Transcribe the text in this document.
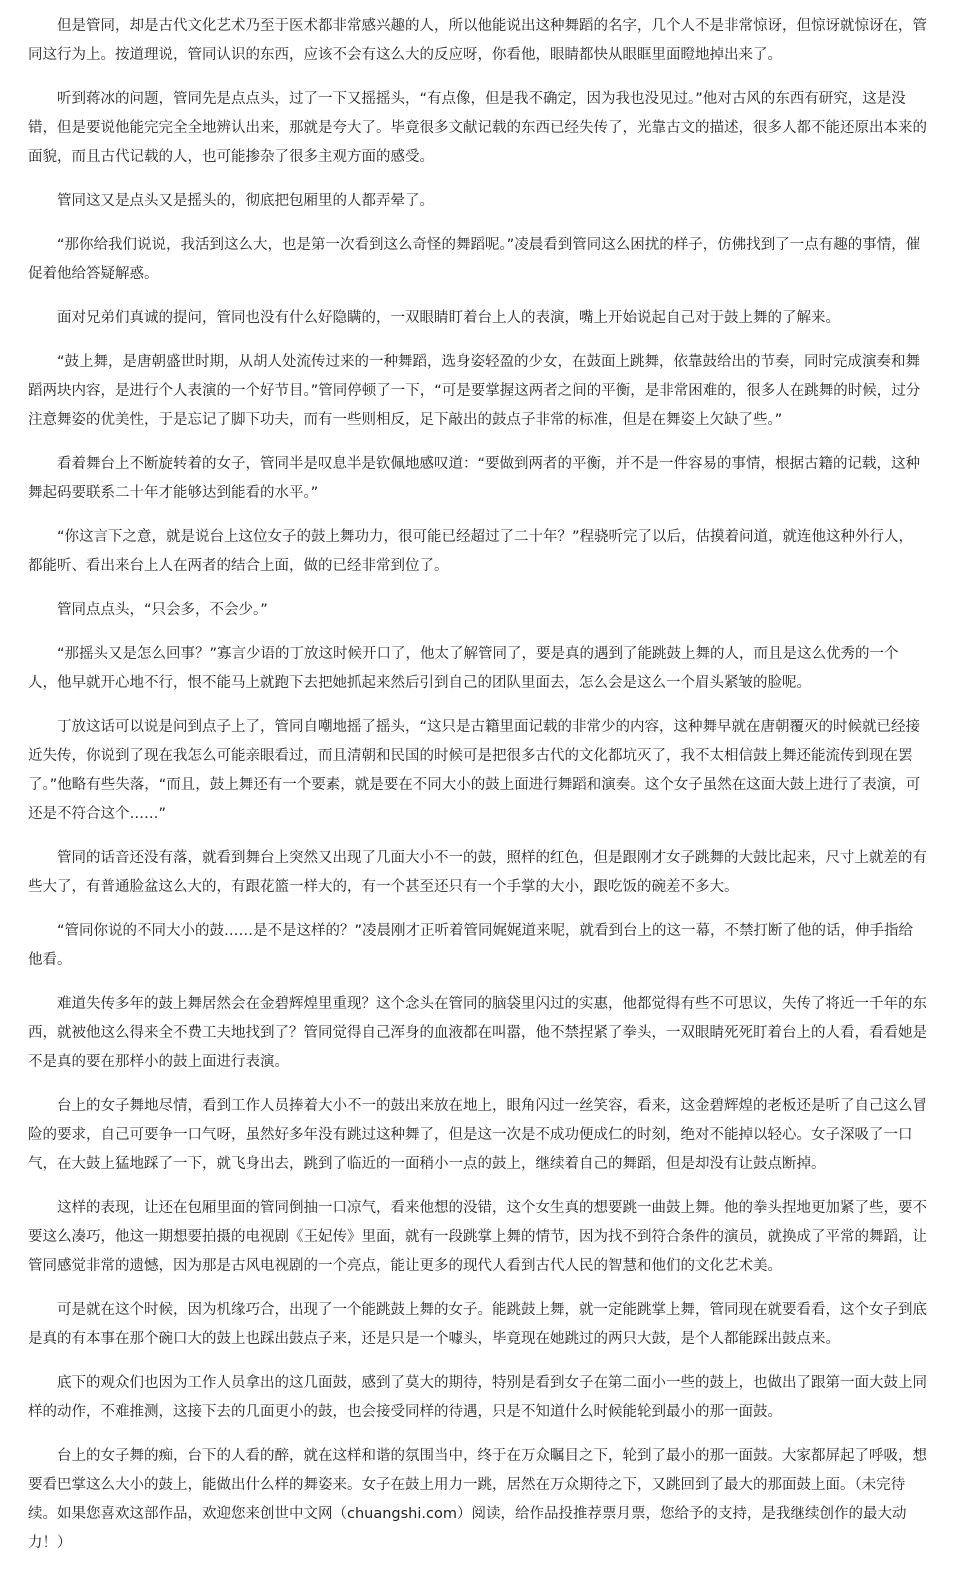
　　但是管同，却是古代文化艺术乃至于医术都非常感兴趣的人，所以他能说出这种舞蹈的名字，几个人不是非常惊讶，但惊讶就惊讶在，管同这行为上。按道理说，管同认识的东西，应该不会有这么大的反应呀，你看他，眼睛都快从眼眶里面瞪地掉出来了。

　　听到蒋冰的问题，管同先是点点头，过了一下又摇摇头，“有点像，但是我不确定，因为我也没见过。”他对古风的东西有研究，这是没错，但是要说他能完完全全地辨认出来，那就是夸大了。毕竟很多文献记载的东西已经失传了，光靠古文的描述，很多人都不能还原出本来的面貌，而且古代记载的人，也可能掺杂了很多主观方面的感受。

　　管同这又是点头又是摇头的，彻底把包厢里的人都弄晕了。

　　“那你给我们说说，我活到这么大，也是第一次看到这么奇怪的舞蹈呢。”凌晨看到管同这么困扰的样子，仿佛找到了一点有趣的事情，催促着他给答疑解惑。

　　面对兄弟们真诚的提问，管同也没有什么好隐瞒的，一双眼睛盯着台上人的表演，嘴上开始说起自己对于鼓上舞的了解来。

　　“鼓上舞，是唐朝盛世时期，从胡人处流传过来的一种舞蹈，选身姿轻盈的少女，在鼓面上跳舞，依靠鼓给出的节奏，同时完成演奏和舞蹈两块内容，是进行个人表演的一个好节目。”管同停顿了一下，“可是要掌握这两者之间的平衡，是非常困难的，很多人在跳舞的时候，过分注意舞姿的优美性，于是忘记了脚下功夫，而有一些则相反，足下敲出的鼓点子非常的标准，但是在舞姿上欠缺了些。”

　　看着舞台上不断旋转着的女子，管同半是叹息半是钦佩地感叹道：“要做到两者的平衡，并不是一件容易的事情，根据古籍的记载，这种舞起码要联系二十年才能够达到能看的水平。”

　　“你这言下之意，就是说台上这位女子的鼓上舞功力，很可能已经超过了二十年？”程骁听完了以后，估摸着问道，就连他这种外行人，都能听、看出来台上人在两者的结合上面，做的已经非常到位了。

　　管同点点头，“只会多，不会少。”

　　“那摇头又是怎么回事？”寡言少语的丁放这时候开口了，他太了解管同了，要是真的遇到了能跳鼓上舞的人，而且是这么优秀的一个人，他早就开心地不行，恨不能马上就跑下去把她抓起来然后引到自己的团队里面去，怎么会是这么一个眉头紧皱的脸呢。

　　丁放这话可以说是问到点子上了，管同自嘲地摇了摇头，“这只是古籍里面记载的非常少的内容，这种舞早就在唐朝覆灭的时候就已经接近失传，你说到了现在我怎么可能亲眼看过，而且清朝和民国的时候可是把很多古代的文化都坑灭了，我不太相信鼓上舞还能流传到现在罢了。”他略有些失落，“而且，鼓上舞还有一个要素，就是要在不同大小的鼓上面进行舞蹈和演奏。这个女子虽然在这面大鼓上进行了表演，可还是不符合这个……”

　　管同的话音还没有落，就看到舞台上突然又出现了几面大小不一的鼓，照样的红色，但是跟刚才女子跳舞的大鼓比起来，尺寸上就差的有些大了，有普通脸盆这么大的，有跟花篮一样大的，有一个甚至还只有一个手掌的大小，跟吃饭的碗差不多大。

　　“管同你说的不同大小的鼓……是不是这样的？”凌晨刚才正听着管同娓娓道来呢，就看到台上的这一幕，不禁打断了他的话，伸手指给他看。

　　难道失传多年的鼓上舞居然会在金碧辉煌里重现？这个念头在管同的脑袋里闪过的实惠，他都觉得有些不可思议，失传了将近一千年的东西，就被他这么得来全不费工夫地找到了？管同觉得自己浑身的血液都在叫嚣，他不禁捏紧了拳头，一双眼睛死死盯着台上的人看，看看她是不是真的要在那样小的鼓上面进行表演。

　　台上的女子舞地尽情，看到工作人员捧着大小不一的鼓出来放在地上，眼角闪过一丝笑容，看来，这金碧辉煌的老板还是听了自己这么冒险的要求，自己可要争一口气呀，虽然好多年没有跳过这种舞了，但是这一次是不成功便成仁的时刻，绝对不能掉以轻心。女子深吸了一口气，在大鼓上猛地踩了一下，就飞身出去，跳到了临近的一面稍小一点的鼓上，继续着自己的舞蹈，但是却没有让鼓点断掉。

　　这样的表现，让还在包厢里面的管同倒抽一口凉气，看来他想的没错，这个女生真的想要跳一曲鼓上舞。他的拳头捏地更加紧了些，要不要这么凑巧，他这一期想要拍摄的电视剧《王妃传》里面，就有一段跳掌上舞的情节，因为找不到符合条件的演员，就换成了平常的舞蹈，让管同感觉非常的遗憾，因为那是古风电视剧的一个亮点，能让更多的现代人看到古代人民的智慧和他们的文化艺术美。

　　可是就在这个时候，因为机缘巧合，出现了一个能跳鼓上舞的女子。能跳鼓上舞，就一定能跳掌上舞，管同现在就要看看，这个女子到底是真的有本事在那个碗口大的鼓上也踩出鼓点子来，还是只是一个噱头，毕竟现在她跳过的两只大鼓，是个人都能踩出鼓点来。

　　底下的观众们也因为工作人员拿出的这几面鼓，感到了莫大的期待，特别是看到女子在第二面小一些的鼓上，也做出了跟第一面大鼓上同样的动作，不难推测，这接下去的几面更小的鼓，也会接受同样的待遇，只是不知道什么时候能轮到最小的那一面鼓。

　　台上的女子舞的痴，台下的人看的醉，就在这样和谐的氛围当中，终于在万众瞩目之下，轮到了最小的那一面鼓。大家都屏起了呼吸，想要看巴掌这么大小的鼓上，能做出什么样的舞姿来。女子在鼓上用力一跳，居然在万众期待之下，又跳回到了最大的那面鼓上面。（未完待续。如果您喜欢这部作品，欢迎您来创世中文网（chuangshi.com）阅读，给作品投推荐票月票，您给予的支持，是我继续创作的最大动力！）
